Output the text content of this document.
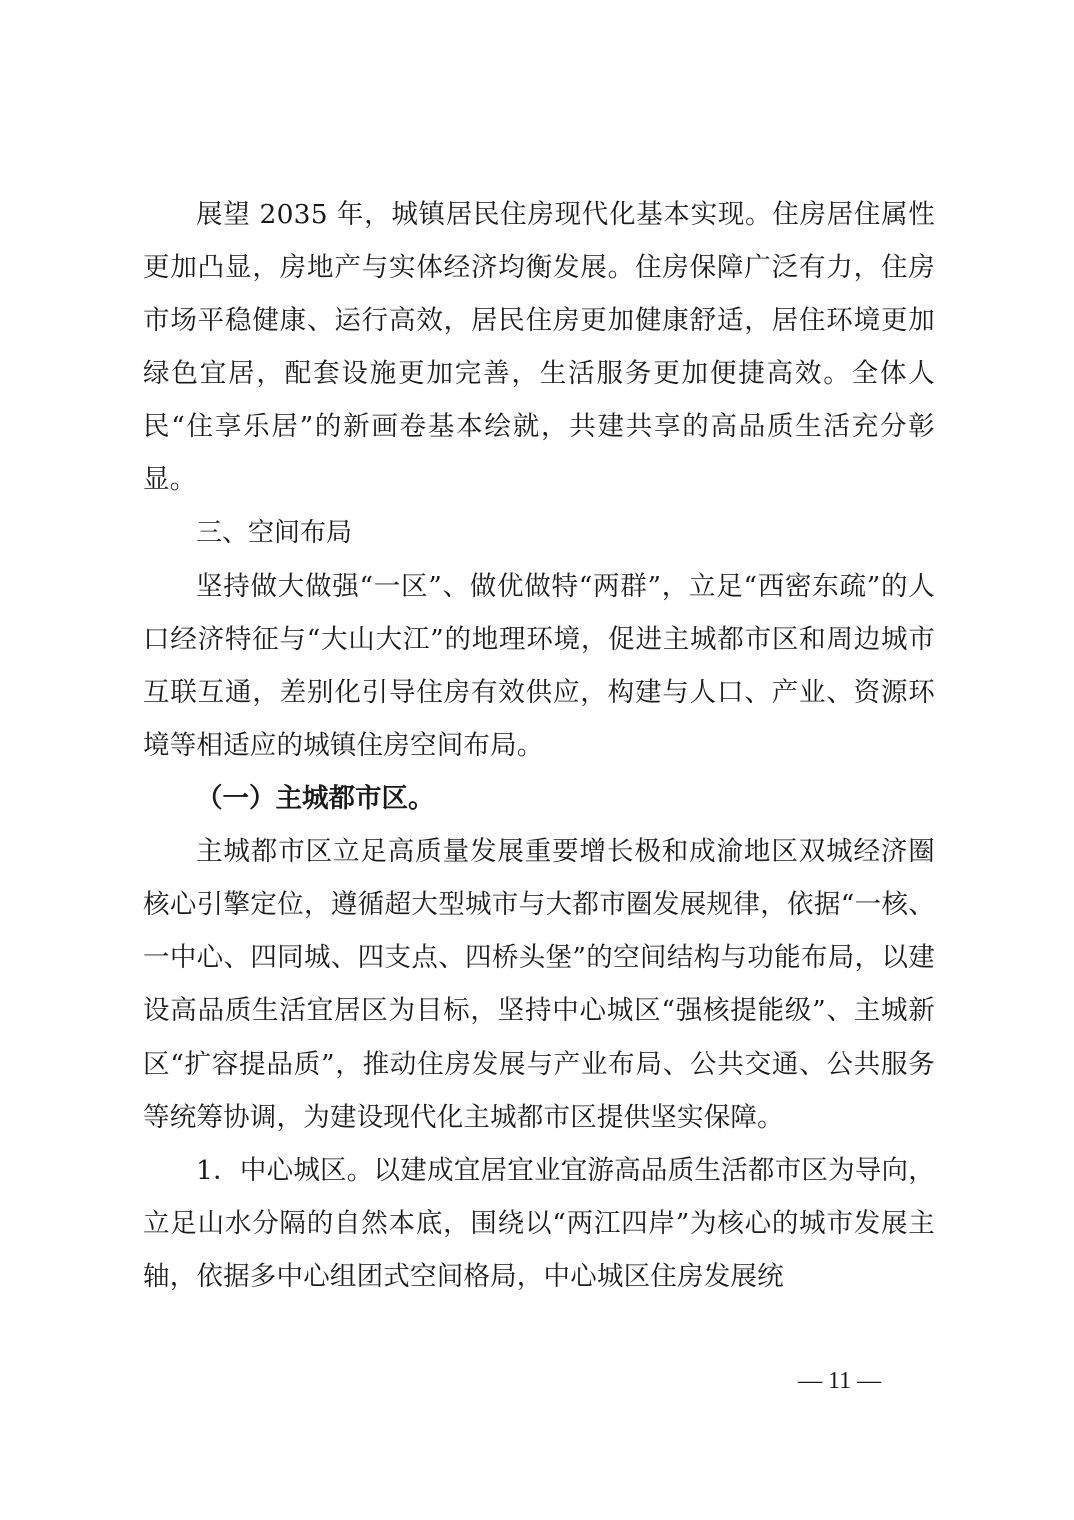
展望 2035 年，城镇居民住房现代化基本实现。住房居住属性更加凸显，房地产与实体经济均衡发展。住房保障广泛有力，住房市场平稳健康、运行高效，居民住房更加健康舒适，居住环境更加绿色宜居，配套设施更加完善，生活服务更加便捷高效。全体人民“住享乐居”的新画卷基本绘就，共建共享的高品质生活充分彰显。

三、空间布局

坚持做大做强“一区”、做优做特“两群”，立足“西密东疏”的人口经济特征与“大山大江”的地理环境，促进主城都市区和周边城市互联互通，差别化引导住房有效供应，构建与人口、产业、资源环境等相适应的城镇住房空间布局。

（一）主城都市区。

主城都市区立足高质量发展重要增长极和成渝地区双城经济圈核心引擎定位，遵循超大型城市与大都市圈发展规律，依据“一核、一中心、四同城、四支点、四桥头堡”的空间结构与功能布局，以建设高品质生活宜居区为目标，坚持中心城区“强核提能级”、主城新区“扩容提品质”，推动住房发展与产业布局、公共交通、公共服务等统筹协调，为建设现代化主城都市区提供坚实保障。

1．中心城区。以建成宜居宜业宜游高品质生活都市区为导向，立足山水分隔的自然本底，围绕以“两江四岸”为核心的城市发展主轴，依据多中心组团式空间格局，中心城区住房发展统

— 11 —
